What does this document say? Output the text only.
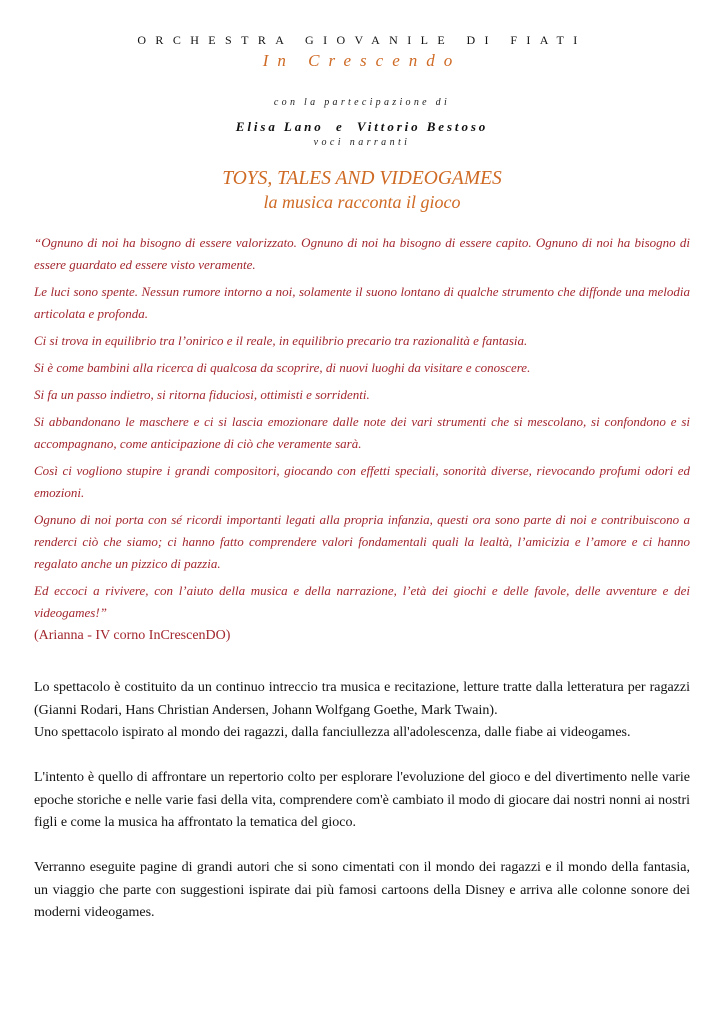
ORCHESTRA GIOVANILE DI FIATI
In Crescendo
con la partecipazione di
Elisa Lano  e  Vittorio Bestoso
voci narranti
TOYS, TALES AND VIDEOGAMES
la musica racconta il gioco

“Ognuno di noi ha bisogno di essere valorizzato. Ognuno di noi ha bisogno di essere capito. Ognuno di noi ha bisogno di essere guardato ed essere visto veramente.

Le luci sono spente. Nessun rumore intorno a noi, solamente il suono lontano di qualche strumento che diffonde una melodia articolata e profonda.

Ci si trova in equilibrio tra l’onirico e il reale, in equilibrio precario tra razionalità e fantasia.

Si è come bambini alla ricerca di qualcosa da scoprire, di nuovi luoghi da visitare e conoscere.

Si fa un passo indietro, si ritorna fiduciosi, ottimisti e sorridenti.

Si abbandonano le maschere e ci si lascia emozionare dalle note dei vari strumenti che si mescolano, si confondono e si accompagnano, come anticipazione di ciò che veramente sarà.

Così ci vogliono stupire i grandi compositori, giocando con effetti speciali, sonorità diverse, rievocando profumi odori ed emozioni.

Ognuno di noi porta con sé ricordi importanti legati alla propria infanzia, questi ora sono parte di noi e contribuiscono a renderci ciò che siamo; ci hanno fatto comprendere valori fondamentali quali la lealtà, l’amicizia e l’amore e ci hanno regalato anche un pizzico di pazzia.

Ed eccoci a rivivere, con l’aiuto della musica e della narrazione, l’età dei giochi e delle favole, delle avventure e dei videogames!”

(Arianna - IV corno InCrescenDO)

Lo spettacolo è costituito da un continuo intreccio tra musica e recitazione, letture tratte dalla letteratura per ragazzi (Gianni Rodari, Hans Christian Andersen, Johann Wolfgang Goethe, Mark Twain).
Uno spettacolo ispirato al mondo dei ragazzi, dalla fanciullezza all'adolescenza, dalle fiabe ai videogames.

L'intento è quello di affrontare un repertorio colto per esplorare l'evoluzione del gioco e del divertimento nelle varie epoche storiche e nelle varie fasi della vita, comprendere com'è cambiato il modo di giocare dai nostri nonni ai nostri figli e come la musica ha affrontato la tematica del gioco.

Verranno eseguite pagine di grandi autori che si sono cimentati con il mondo dei ragazzi e il mondo della fantasia, un viaggio che parte con suggestioni ispirate dai più famosi cartoons della Disney e arriva alle colonne sonore dei moderni videogames.
